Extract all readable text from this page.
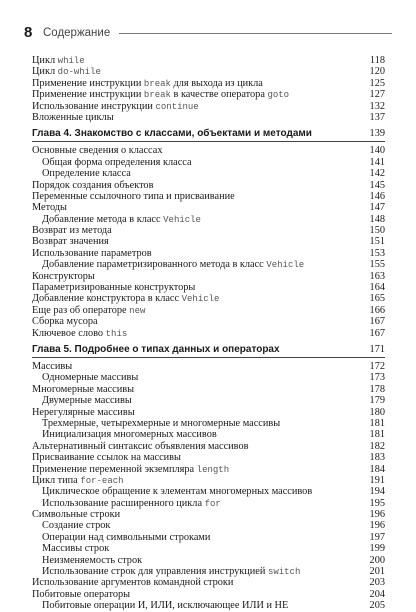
8 Содержание
Цикл while	118
Цикл do-while	120
Применение инструкции break для выхода из цикла	125
Применение инструкции break в качестве оператора goto	127
Использование инструкции continue	132
Вложенные циклы	137
Глава 4. Знакомство с классами, объектами и методами	139
Основные сведения о классах	140
Общая форма определения класса	141
Определение класса	142
Порядок создания объектов	145
Переменные ссылочного типа и присваивание	146
Методы	147
Добавление метода в класс Vehicle	148
Возврат из метода	150
Возврат значения	151
Использование параметров	153
Добавление параметризированного метода в класс Vehicle	155
Конструкторы	163
Параметризированные конструкторы	164
Добавление конструктора в класс Vehicle	165
Еще раз об операторе new	166
Сборка мусора	167
Ключевое слово this	167
Глава 5. Подробнее о типах данных и операторах	171
Массивы	172
Одномерные массивы	173
Многомерные массивы	178
Двумерные массивы	179
Нерегулярные массивы	180
Трехмерные, четырехмерные и многомерные массивы	181
Инициализация многомерных массивов	181
Альтернативный синтаксис объявления массивов	182
Присваивание ссылок на массивы	183
Применение переменной экземпляра length	184
Цикл типа for-each	191
Циклическое обращение к элементам многомерных массивов	194
Использование расширенного цикла for	195
Символьные строки	196
Создание строк	196
Операции над символьными строками	197
Массивы строк	199
Неизменяемость строк	200
Использование строк для управления инструкцией switch	201
Использование аргументов командной строки	203
Побитовые операторы	204
Побитовые операции И, ИЛИ, исключающее ИЛИ и НЕ	205
